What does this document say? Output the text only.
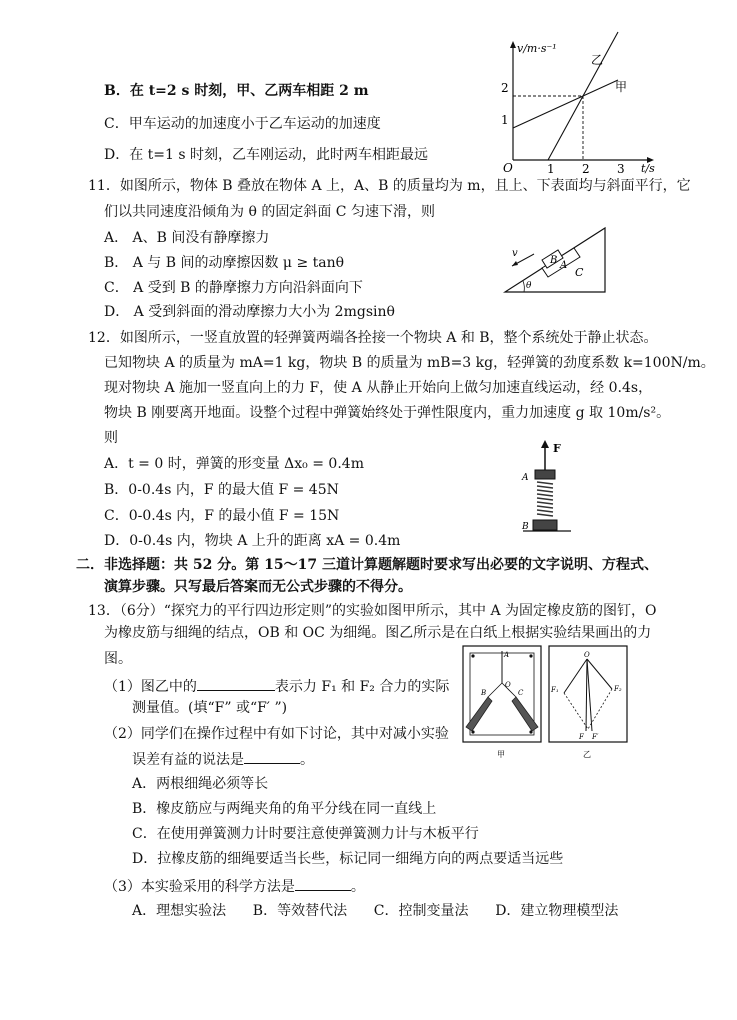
B．在 t=2 s 时刻，甲、乙两车相距 2 m
C．甲车运动的加速度小于乙车运动的加速度
D．在 t=1 s 时刻，乙车刚运动，此时两车相距最远
v/m·s⁻¹
t/s
O
1
2
1 2 3
乙
甲
11．如图所示，物体 B 叠放在物体 A 上，A、B 的质量均为 m，且上、下表面均与斜面平行，它
们以共同速度沿倾角为 θ 的固定斜面 C 匀速下滑，则
A． A、B 间没有静摩擦力
B． A 与 B 间的动摩擦因数 μ ≥ tanθ
C． A 受到 B 的静摩擦力方向沿斜面向下
D． A 受到斜面的滑动摩擦力大小为 2mgsinθ
B A
C
v
θ
12．如图所示，一竖直放置的轻弹簧两端各拴接一个物块 A 和 B，整个系统处于静止状态。
已知物块 A 的质量为 mA=1 kg，物块 B 的质量为 mB=3 kg，轻弹簧的劲度系数 k=100N/m。
现对物块 A 施加一竖直向上的力 F，使 A 从静止开始向上做匀加速直线运动，经 0.4s，
物块 B 刚要离开地面。设整个过程中弹簧始终处于弹性限度内，重力加速度 g 取 10m/s²。
则
A．t = 0 时，弹簧的形变量 Δx₀ = 0.4m
B．0-0.4s 内，F 的最大值 F = 45N
C．0-0.4s 内，F 的最小值 F = 15N
D．0-0.4s 内，物块 A 上升的距离 xA = 0.4m
F
A
B
二．非选择题：共 52 分。第 15～17 三道计算题解题时要求写出必要的文字说明、方程式、
演算步骤。只写最后答案而无公式步骤的不得分。
13．（6分）“探究力的平行四边形定则”的实验如图甲所示，其中 A 为固定橡皮筋的图钉，O
为橡皮筋与细绳的结点，OB 和 OC 为细绳。图乙所示是在白纸上根据实验结果画出的力
图。
（1）图乙中的	表示力 F₁ 和 F₂ 合力的实际
测量值。(填“F” 或“F′ ”)
（2）同学们在操作过程中有如下讨论，其中对减小实验
误差有益的说法是	。
A．两根细绳必须等长
B．橡皮筋应与两绳夹角的角平分线在同一直线上
C．在使用弹簧测力计时要注意使弹簧测力计与木板平行
D．拉橡皮筋的细绳要适当长些，标记同一细绳方向的两点要适当远些
（3）本实验采用的科学方法是	。
A．理想实验法      B．等效替代法      C．控制变量法      D．建立物理模型法
A
O
B	C
甲
O
F₁	F₂
F F′
乙
